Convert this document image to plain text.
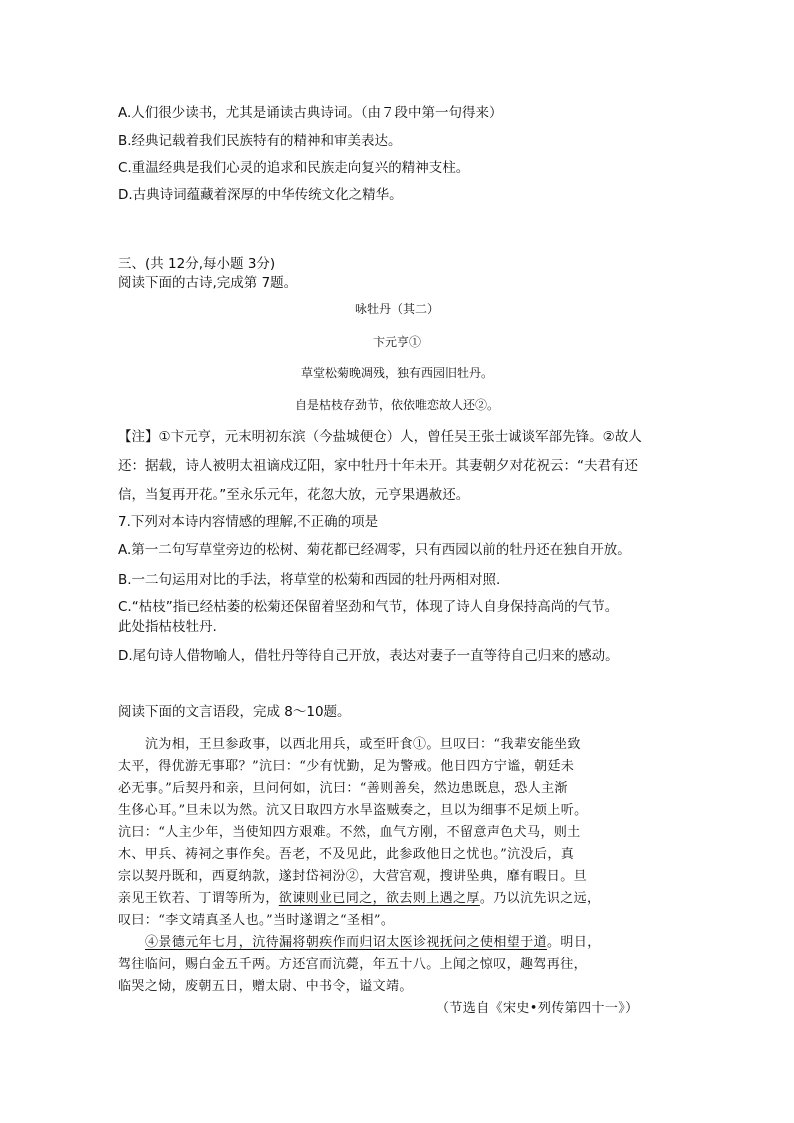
A.人们很少读书，尤其是诵读古典诗词。（由７段中第一句得来）
B.经典记载着我们民族特有的精神和审美表达。
C.重温经典是我们心灵的追求和民族走向复兴的精神支柱。
D.古典诗词蕴藏着深厚的中华传统文化之精华。
三、(共 12分,每小题 3分)
阅读下面的古诗,完成第 7题。
咏牡丹（其二）
卞元亨①
草堂松菊晚凋残，独有西园旧牡丹。
自是枯枝存劲节，依依唯恋故人还②。
【注】①卞元亨，元末明初东滨（今盐城便仓）人，曾任吴王张士诚谈军部先锋。②故人
还：据载，诗人被明太祖谪戍辽阳，家中牡丹十年未开。其妻朝夕对花祝云：“夫君有还
信，当复再开花。”至永乐元年，花忽大放，元亨果遇赦还。
7.下列对本诗内容情感的理解,不正确的项是
A.第一二句写草堂旁边的松树、菊花都已经凋零，只有西园以前的牡丹还在独自开放。
B.一二句运用对比的手法，将草堂的松菊和西园的牡丹两相对照.
C.“枯枝”指已经枯萎的松菊还保留着坚劲和气节，体现了诗人自身保持高尚的气节。
此处指枯枝牡丹.
D.尾句诗人借物喻人，借牡丹等待自己开放，表达对妻子一直等待自己归来的感动。
阅读下面的文言语段，完成 8～10题。
沆为相，王旦参政事，以西北用兵，或至旰食①。旦叹曰：“我辈安能坐致
太平，得优游无事耶？”沆曰：“少有忧勤，足为警戒。他日四方宁谧，朝廷未
必无事。”后契丹和亲，旦问何如，沆曰：“善则善矣，然边患既息，恐人主渐
生侈心耳。”旦未以为然。沆又日取四方水旱盗贼奏之，旦以为细事不足烦上听。
沆曰：“人主少年，当使知四方艰难。不然，血气方刚，不留意声色犬马，则土
木、甲兵、祷祠之事作矣。吾老，不及见此，此参政他日之忧也。”沆没后，真
宗以契丹既和，西夏纳款，遂封岱祠汾②，大营宫观，搜讲坠典，靡有暇日。旦
亲见王钦若、丁谓等所为，欲谏则业已同之，欲去则上遇之厚。乃以沆先识之远，
叹曰：“李文靖真圣人也。”当时遂谓之“圣相”。
④景德元年七月，沆待漏将朝疾作而归诏太医诊视抚问之使相望于道。明日，
驾往临问，赐白金五千两。方还宫而沆薨，年五十八。上闻之惊叹，趣驾再往，
临哭之恸，废朝五日，赠太尉、中书令，谥文靖。
（节选自《宋史•列传第四十一》）
